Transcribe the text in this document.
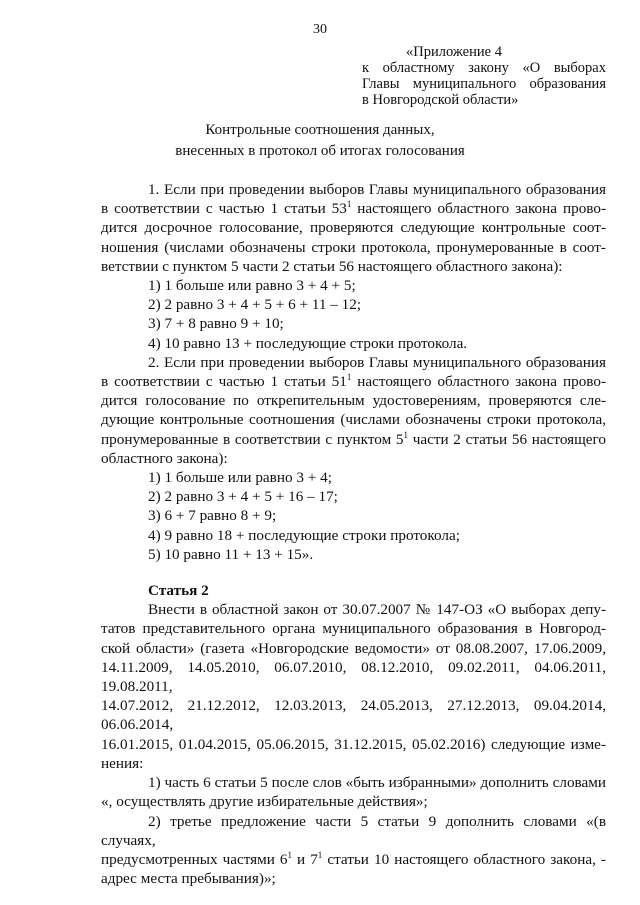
30
«Приложение 4
к областному закону «О выборах
Главы муниципального образования
в Новгородской области»
Контрольные соотношения данных,
внесенных в протокол об итогах голосования

1. Если при проведении выборов Главы муниципального образования

в соответствии с частью 1 статьи $53^1$ настоящего областного закона прово-

дится досрочное голосование, проверяются следующие контрольные соот-

ношения (числами обозначены строки протокола, пронумерованные в соот-

ветствии с пунктом 5 части 2 статьи 56 настоящего областного закона):

1) 1 больше или равно 3 + 4 + 5;

2) 2 равно 3 + 4 + 5 + 6 + 11 – 12;

3) 7 + 8 равно 9 + 10;

4) 10 равно 13 + последующие строки протокола.

2. Если при проведении выборов Главы муниципального образования

в соответствии с частью 1 статьи $51^1$ настоящего областного закона прово-

дится голосование по открепительным удостоверениям, проверяются сле-

дующие контрольные соотношения (числами обозначены строки протокола,

пронумерованные в соответствии с пунктом $5^1$ части 2 статьи 56 настоящего

областного закона):

1) 1 больше или равно 3 + 4;

2) 2 равно 3 + 4 + 5 + 16 – 17;

3) 6 + 7 равно 8 + 9;

4) 9 равно 18 + последующие строки протокола;

5) 10 равно 11 + 13 + 15».

Статья 2

Внести в областной закон от 30.07.2007 № 147-ОЗ «О выборах депу-

татов представительного органа муниципального образования в Новгород-

ской области» (газета «Новгородские ведомости» от 08.08.2007, 17.06.2009,

14.11.2009, 14.05.2010, 06.07.2010, 08.12.2010, 09.02.2011, 04.06.2011, 19.08.2011,

14.07.2012, 21.12.2012, 12.03.2013, 24.05.2013, 27.12.2013, 09.04.2014, 06.06.2014,

16.01.2015, 01.04.2015, 05.06.2015, 31.12.2015, 05.02.2016) следующие изме-

нения:

1) часть 6 статьи 5 после слов «быть избранными» дополнить словами

«, осуществлять другие избирательные действия»;

2) третье предложение части 5 статьи 9 дополнить словами «(в случаях,

предусмотренных частями $6^1$ и $7^1$ статьи 10 настоящего областного закона, -

адрес места пребывания)»;
